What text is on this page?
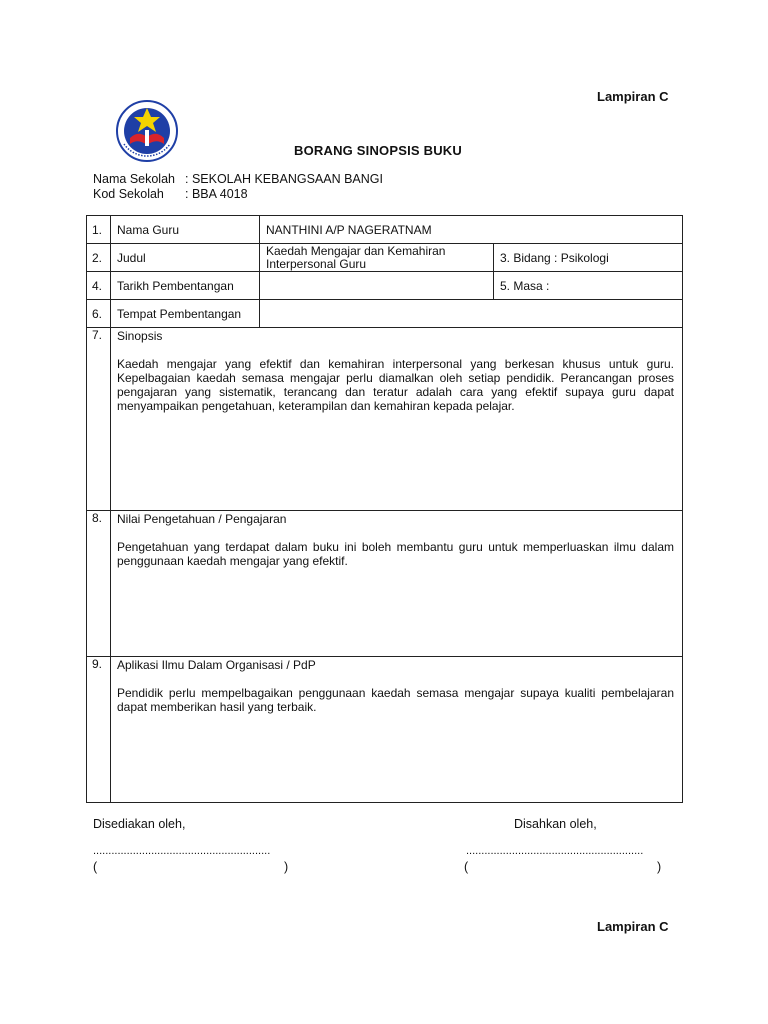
Lampiran C
BORANG SINOPSIS BUKU
Nama Sekolah : SEKOLAH KEBANGSAAN BANGI
Kod Sekolah : BBA 4018
1.	Nama Guru	NANTHINI A/P NAGERATNAM	
2.	Judul	Kaedah Mengajar dan Kemahiran Interpersonal Guru	3. Bidang : Psikologi
4.	Tarikh Pembentangan		5. Masa :
6.	Tempat Pembentangan		
7.	Sinopsis
Kaedah mengajar yang efektif dan kemahiran interpersonal yang berkesan khusus untuk guru. Kepelbagaian kaedah semasa mengajar perlu diamalkan oleh setiap pendidik. Perancangan proses pengajaran yang sistematik, terancang dan teratur adalah cara yang efektif supaya guru dapat menyampaikan pengetahuan, keterampilan dan kemahiran kepada pelajar.		

8.	Nilai Pengetahuan / Pengajaran
Pengetahuan yang terdapat dalam buku ini boleh membantu guru untuk memperluaskan ilmu dalam penggunaan kaedah mengajar yang efektif.		

9.	Aplikasi Ilmu Dalam Organisasi / PdP
Pendidik perlu mempelbagaikan penggunaan kaedah semasa mengajar supaya kualiti pembelajaran dapat memberikan hasil yang terbaik.		
Disediakan oleh,	Disahkan oleh,
..........................................................	..........................................................
(	)	(	)
Lampiran C
